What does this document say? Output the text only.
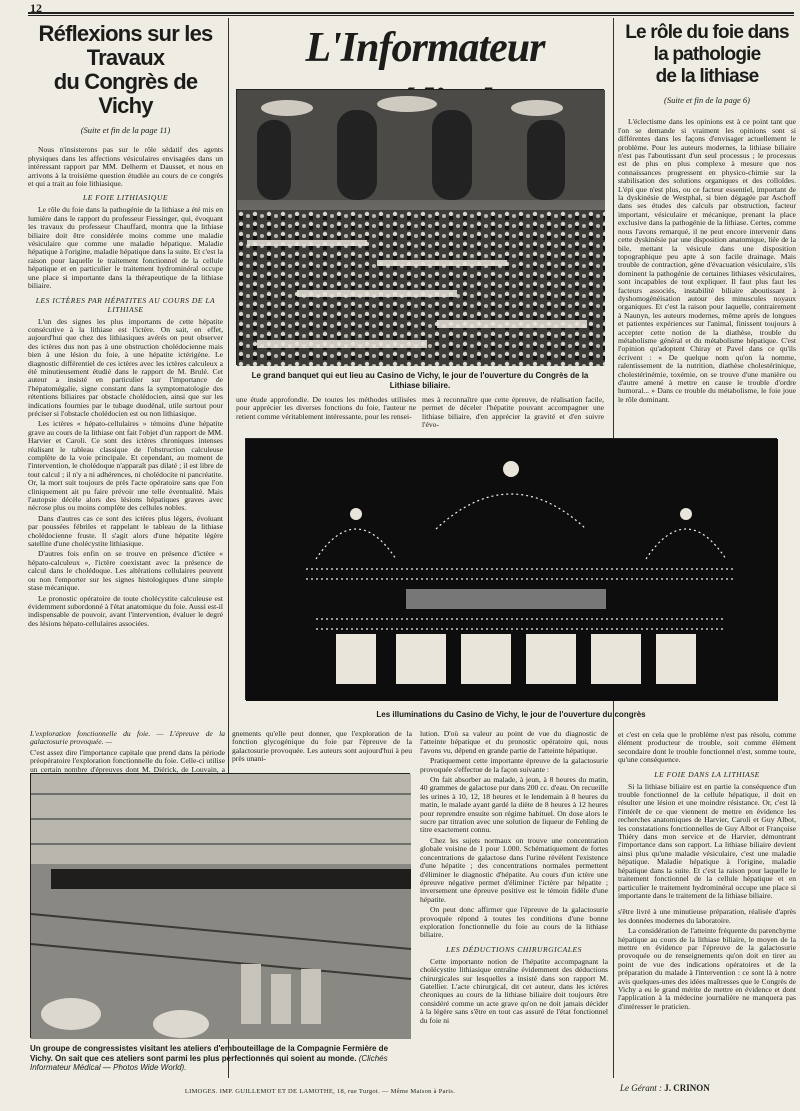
12
Réflexions sur les Travaux
du Congrès de Vichy
(Suite et fin de la page 11)

Nous n'insisterons pas sur le rôle sédatif des agents physiques dans les affections vésiculaires envisagées dans un intéressant rapport par MM. Delherm et Dausset, et nous en arrivons à la troisième question étudiée au cours de ce congrès et qui a trait au foie lithiasique.

LE FOIE LITHIASIQUE

Le rôle du foie dans la pathogénie de la lithiase a été mis en lumière dans le rapport du professeur Fiessinger, qui, évoquant les travaux du professeur Chauffard, montra que la lithiase biliaire doit être considérée moins comme une maladie vésiculaire que comme une maladie hépatique. Maladie hépatique à l'origine, maladie hépatique dans la suite. Et c'est la raison pour laquelle le traitement fonctionnel de la cellule hépatique et en particulier le traitement hydrominéral occupe une place si importante dans la thérapeutique de la lithiase biliaire.

LES ICTÈRES PAR HÉPATITES AU COURS DE LA LITHIASE

L'un des signes les plus importants de cette hépatite consécutive à la lithiase est l'ictère. On sait, en effet, aujourd'hui que chez des lithiasiques avérés on peut observer des ictères dus non pas à une obstruction cholédocienne mais bien à une lésion du foie, à une hépatite ictérigène. Le diagnostic différentiel de ces ictères avec les ictères calculeux a été minutieusement étudié dans le rapport de M. Brulé. Cet auteur a insisté en particulier sur l'importance de l'hépatomégalie, signe constant dans la symptomatologie des rétentions biliaires par obstacle cholédocien, ainsi que sur les indications fournies par le tubage duodénal, utile surtout pour préciser si l'obstacle cholédocien est ou non lithiasique.

Les ictères « hépato-cellulaires » témoins d'une hépatite grave au cours de la lithiase ont fait l'objet d'un rapport de MM. Harvier et Caroli. Ce sont des ictères chroniques intenses réalisant le tableau classique de l'obstruction calculeuse complète de la voie principale. Et cependant, au moment de l'intervention, le cholédoque n'apparaît pas dilaté ; il est libre de tout calcul ; il n'y a ni adhérences, ni cholédocite ni pancréatite. Or, la mort suit toujours de près l'acte opératoire sans que l'on cliniquement ait pu faire prévoir une telle éventualité. Mais l'autopsie décèle alors des lésions hépatiques graves avec nécrose plus ou moins complète des cellules nobles.

Dans d'autres cas ce sont des ictères plus légers, évoluant par poussées fébriles et rappelant le tableau de la lithiase cholédocienne fruste. Il s'agit alors d'une hépatite légère satellite d'une cholécystite lithiasique.

D'autres fois enfin on se trouve en présence d'ictère « hépato-calculeux », l'ictère coexistant avec la présence de calcul dans le cholédoque. Les altérations cellulaires peuvent ou non l'emporter sur les signes histologiques d'une simple stase mécanique.

Le pronostic opératoire de toute cholécystite calculeuse est évidemment subordonné à l'état anatomique du foie. Aussi est-il indispensable de pouvoir, avant l'intervention, évaluer le degré des lésions hépato-cellulaires associées.

L'Informateur
Le grand banquet qui eut lieu au Casino de Vichy, le jour de l'ouverture du Congrès de la Lithiase biliaire.
une étude approfondie. De toutes les méthodes utilisées pour apprécier les diverses fonctions du foie, l'auteur ne retient comme véritablement intéressante, pour les rensei-
mes à reconnaître que cette épreuve, de réalisation facile, permet de déceler l'hépatite pouvant accompagner une lithiase biliaire, d'en apprécier la gravité et d'en suivre l'évo-
Les illuminations du Casino de Vichy, le jour de l'ouverture du congrès

L'exploration fonctionnelle du foie. — L'épreuve de la galactosurie provoquée. —

C'est assez dire l'importance capitale que prend dans la période préopératoire l'exploration fonctionnelle du foie. Celle-ci utilise un certain nombre d'épreuves dont M. Diérick, de Louvain, a

gnements qu'elle peut donner, que l'exploration de la fonction glycogénique du foie par l'épreuve de la galactosurie provoquée. Les auteurs sont aujourd'hui à peu près unani-

lution. D'où sa valeur au point de vue du diagnostic de l'atteinte hépatique et du pronostic opératoire qui, nous l'avons vu, dépend en grande partie de l'atteinte hépatique.

Pratiquement cette importante épreuve de la galactosurie provoquée s'effectue de la façon suivante :

On fait absorber au malade, à jeun, à 8 heures du matin, 40 grammes de galactose pur dans 200 cc. d'eau. On recueille les urines à 10, 12, 18 heures et le lendemain à 8 heures du matin, le malade ayant gardé la diète de 8 heures à 12 heures pour reprendre ensuite son régime habituel. On dose alors le sucre par titration avec une solution de liqueur de Fehling de titre exactement connu.

Chez les sujets normaux on trouve une concentration globale voisine de 1 pour 1.000. Schématiquement de fortes concentrations de galactose dans l'urine révèlent l'existence d'une hépatite ; des concentrations normales permettent d'éliminer le diagnostic d'hépatite. Au cours d'un ictère une épreuve négative permet d'éliminer l'ictère par hépatite ; inversement une épreuve positive est le témoin fidèle d'une hépatite.

On peut donc affirmer que l'épreuve de la galactosurie provoquée répond à toutes les conditions d'une bonne exploration fonctionnelle du foie au cours de la lithiase biliaire.

LES DÉDUCTIONS CHIRURGICALES

Cette importante notion de l'hépatite accompagnant la cholécystite lithiasique entraîne évidemment des déductions chirurgicales sur lesquelles a insisté dans son rapport M. Gatellier. L'acte chirurgical, dit cet auteur, dans les ictères chroniques au cours de la lithiase biliaire doit toujours être considéré comme un acte grave qu'on ne doit jamais décider à la légère sans s'être en tout cas assuré de l'état fonctionnel du foie ni

Un groupe de congressistes visitant les ateliers d'embouteillage de la Compagnie Fermière de Vichy. On sait que ces ateliers sont parmi les plus perfectionnés qui soient au monde. (Clichés Informateur Médical — Photos Wide World).
Le rôle du foie dans la pathologie
de la lithiase
(Suite et fin de la page 6)

L'éclectisme dans les opinions est à ce point tant que l'on se demande si vraiment les opinions sont si différentes dans les façons d'envisager actuellement le problème. Pour les auteurs modernes, la lithiase biliaire n'est pas l'aboutissant d'un seul processus ; le processus est de plus en plus complexe à mesure que nos connaissances progressent en physico-chimie sur la stabilisation des solutions organiques et des colloïdes. L'épi que n'est plus, ou ce facteur essentiel, important de la dyskinésie de Westphal, si bien dégagée par Aschoff dans ses études des calculs par obstruction, facteur important, vésiculaire et mécanique, prenant la place exclusive dans la pathogénie de la lithiase. Certes, comme nous l'avons remarqué, il ne peut encore intervenir dans cette dyskinésie par une disposition anatomique, liée de la bile, mettant la vésicule dans une disposition topographique peu apte à son facile drainage. Mais trouble de contraction, gène d'évacuation vésiculaire, s'ils dominent la pathogénie de certaines lithiases vésiculaires, sont incapables de tout expliquer. Il faut plus faut les facteurs associés, instabilité biliaire aboutissant à dyshomogénéisation autour des minuscules noyaux organiques. Et c'est la raison pour laquelle, contrairement à Naunyn, les auteurs modernes, même après de longues et patientes expériences sur l'animal, finissent toujours à accepter cette notion de la diathèse, trouble du métabolisme général et du métabolisme hépatique. C'est l'opinion qu'adoptent Chiray et Pavel dans ce qu'ils écrivent : « De quelque nom qu'on la nomme, ralentissement de la nutrition, diathèse cholestérinique, cholestérinémie, toxémie, on se trouve d'une manière ou d'autre amené à mettre en cause le trouble d'ordre humoral... » Dans ce trouble du métabolisme, le foie joue le rôle dominant.

et c'est en cela que le problème n'est pas résolu, comme élément producteur de trouble, soit comme élément secondaire dont le trouble fonctionnel n'est, somme toute, qu'une conséquence.

LE FOIE DANS LA LITHIASE

Si la lithiase biliaire est en partie la conséquence d'un trouble fonctionnel de la cellule hépatique, il doit en résulter une lésion et une moindre résistance. Or, c'est là l'intérêt de ce que viennent de mettre en évidence les recherches anatomiques de Harvier, Caroli et Guy Albot, les constatations fonctionnelles de Guy Albot et Françoise Thiéry dans mon service et de Harvier, démontrant l'importance dans son rapport. La lithiase biliaire devient ainsi plus qu'une maladie vésiculaire, c'est une maladie hépatique. Maladie hépatique à l'origine, maladie hépatique dans la suite. Et c'est la raison pour laquelle le traitement fonctionnel de la cellule hépatique et en particulier le traitement hydrominéral occupe une place si importante dans le traitement de la lithiase biliaire.

s'être livré à une minutieuse préparation, réalisée d'après les données modernes du laboratoire.

La considération de l'atteinte fréquente du parenchyme hépatique au cours de la lithiase biliaire, le moyen de la mettre en évidence par l'épreuve de la galactosurie provoquée ou de renseignements qu'on doit en tirer au point de vue des indications opératoires et de la préparation du malade à l'intervention : ce sont là à notre avis quelques-unes des idées maîtresses que le Congrès de Vichy a eu le grand mérite de mettre en évidence et dont l'application à la médecine journalière ne manquera pas d'intéresser le praticien.

LIMOGES. IMP. GUILLEMOT ET DE LAMOTHE, 18, rue Turgot. — Même Maison à Paris.	Le Gérant : J. CRINON
